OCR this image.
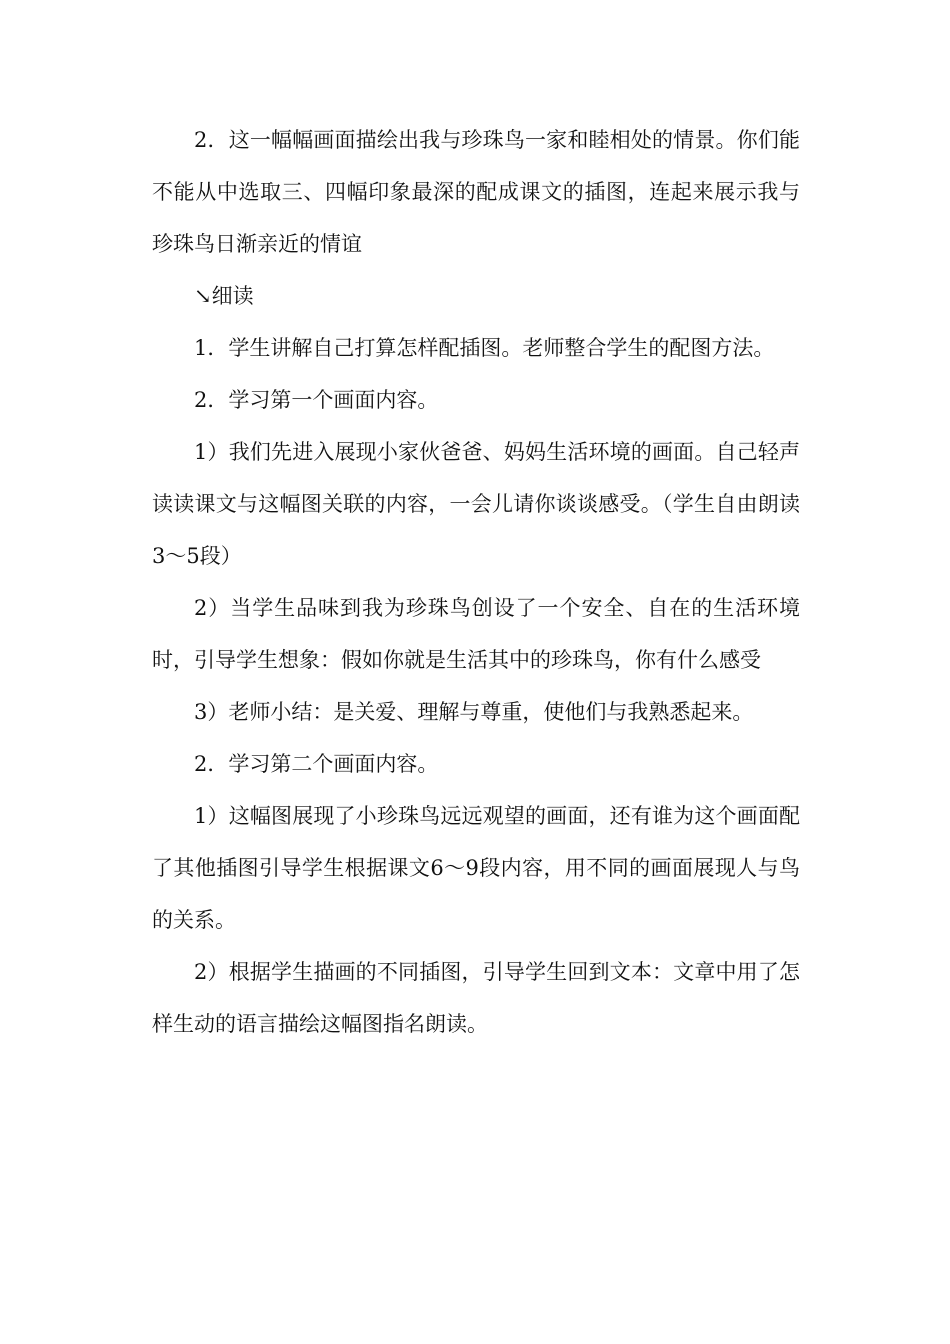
2．这一幅幅画面描绘出我与珍珠鸟一家和睦相处的情景。你们能不能从中选取三、四幅印象最深的配成课文的插图，连起来展示我与珍珠鸟日渐亲近的情谊

↘细读

1．学生讲解自己打算怎样配插图。老师整合学生的配图方法。

2．学习第一个画面内容。

1）我们先进入展现小家伙爸爸、妈妈生活环境的画面。自己轻声读读课文与这幅图关联的内容，一会儿请你谈谈感受。（学生自由朗读3～5段）

2）当学生品味到我为珍珠鸟创设了一个安全、自在的生活环境时，引导学生想象：假如你就是生活其中的珍珠鸟，你有什么感受

3）老师小结：是关爱、理解与尊重，使他们与我熟悉起来。

2．学习第二个画面内容。

1）这幅图展现了小珍珠鸟远远观望的画面，还有谁为这个画面配了其他插图引导学生根据课文6～9段内容，用不同的画面展现人与鸟的关系。

2）根据学生描画的不同插图，引导学生回到文本：文章中用了怎样生动的语言描绘这幅图指名朗读。
